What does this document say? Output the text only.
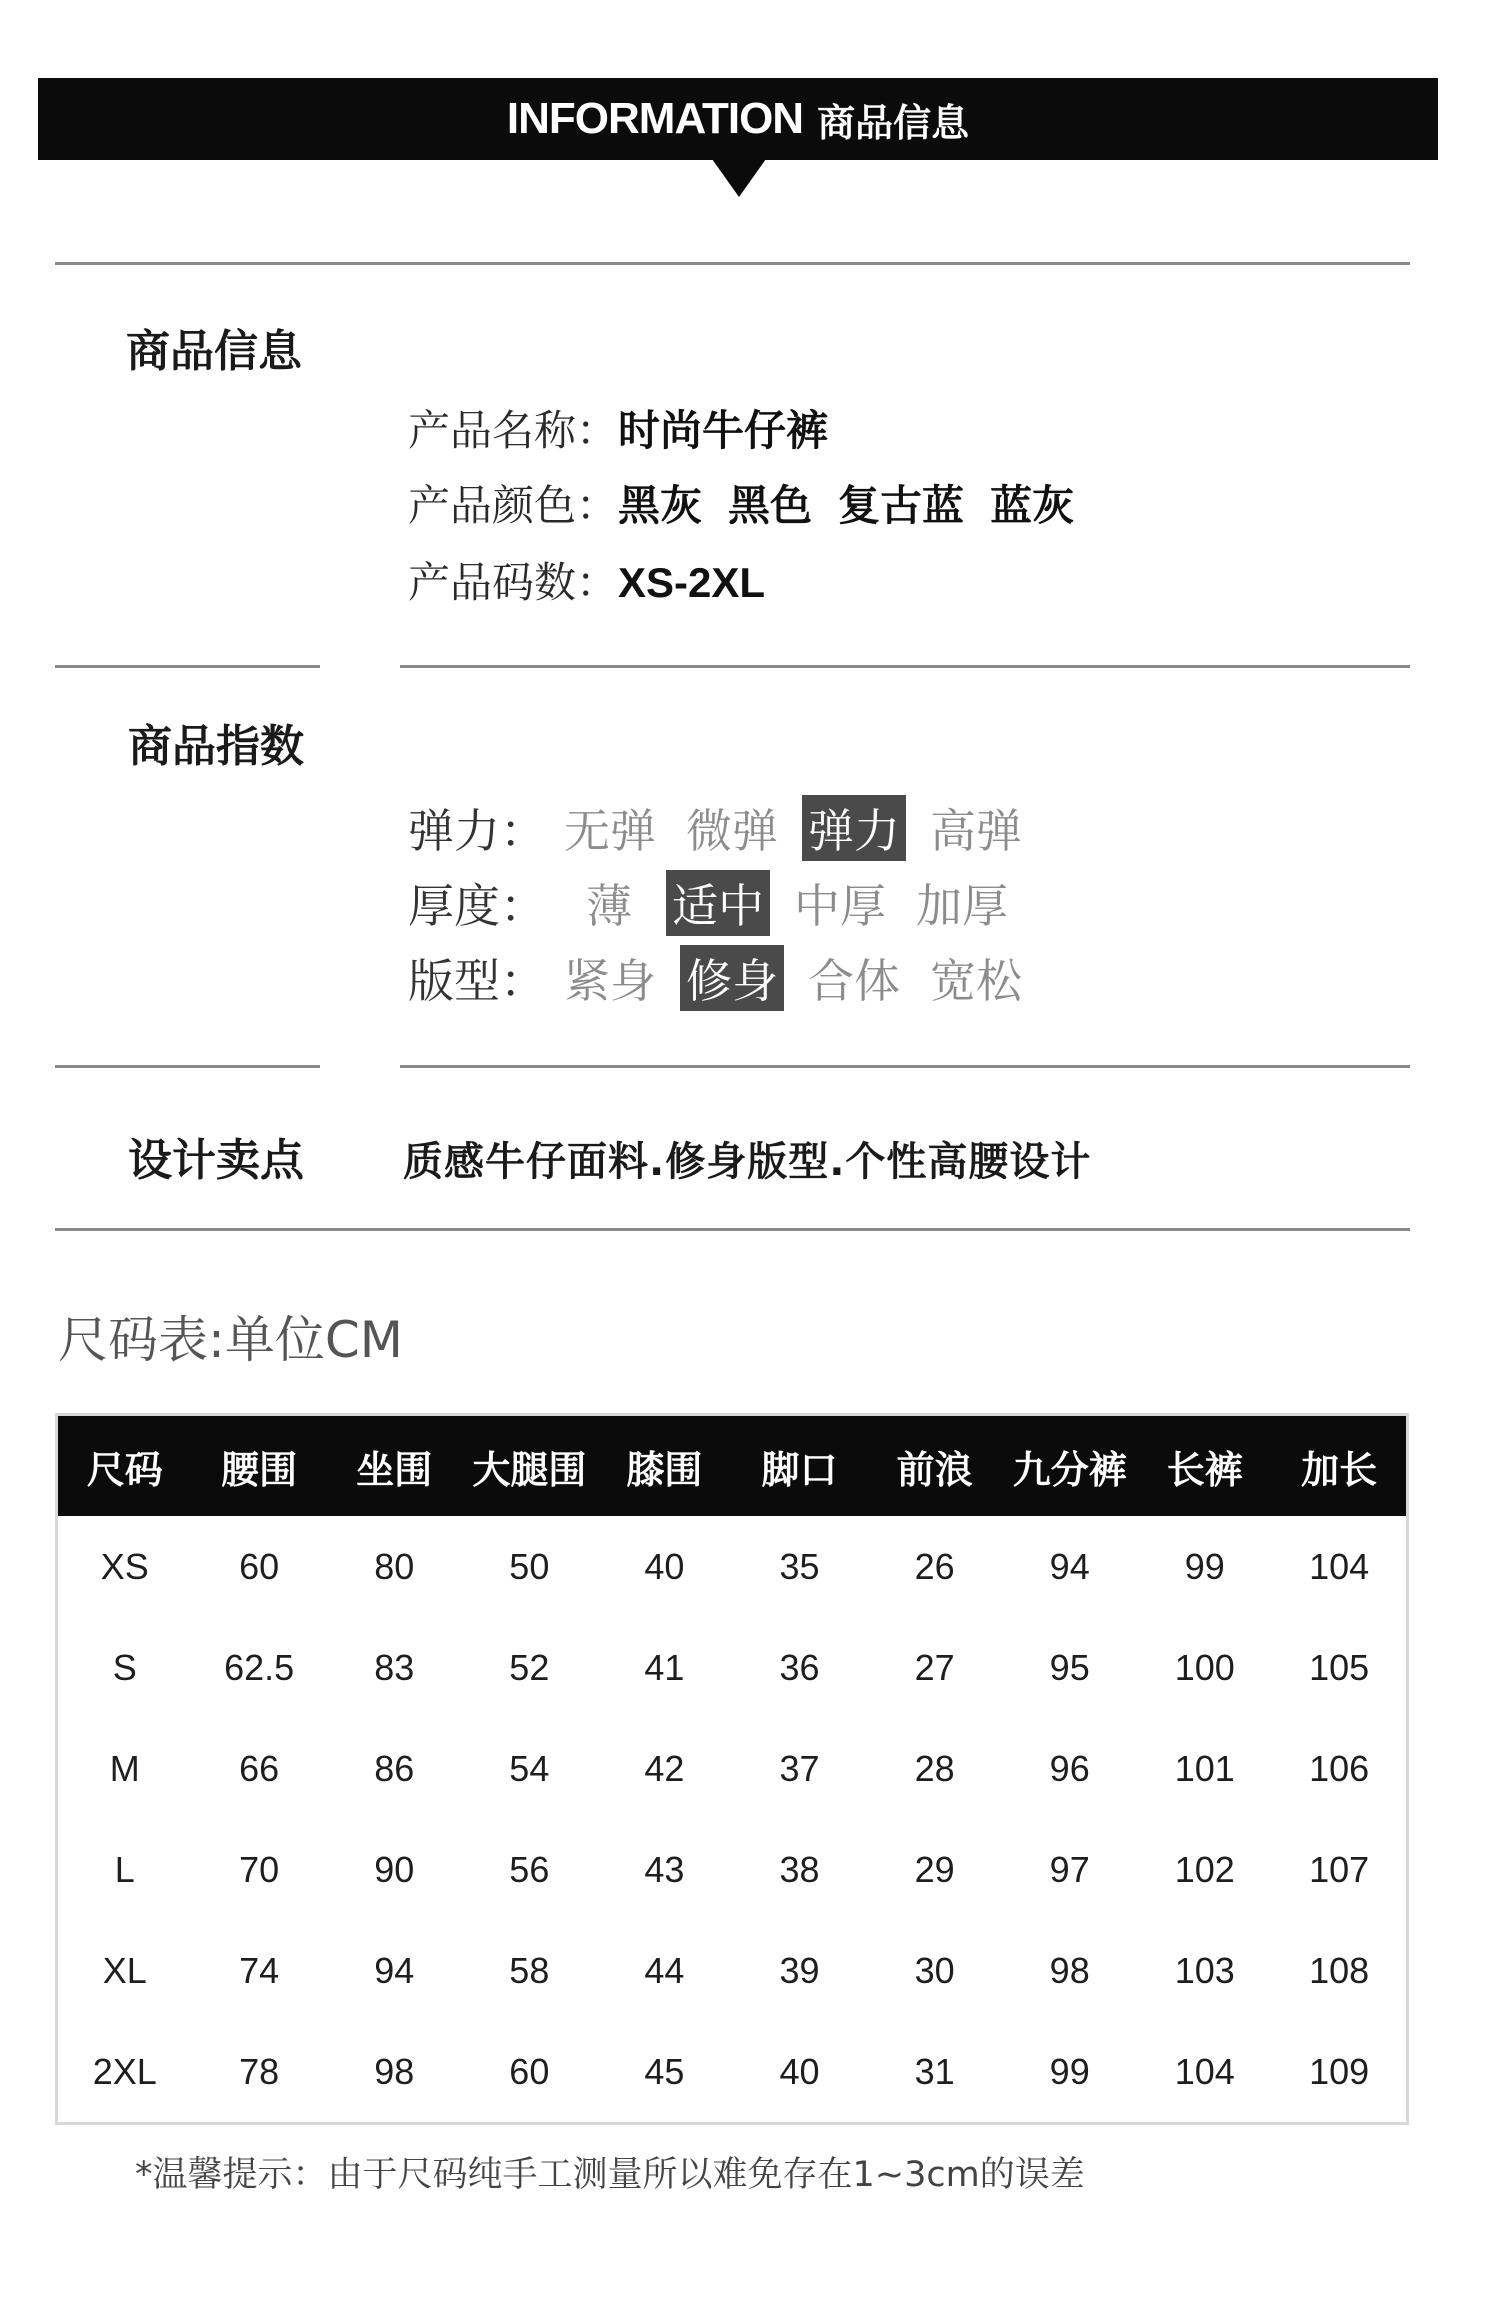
INFORMATION 商品信息
商品信息
产品名称：时尚牛仔裤
产品颜色：黑灰 黑色 复古蓝 蓝灰
产品码数：XS-2XL
商品指数
弹力： 无弹 微弹 弹力 高弹
厚度： 薄 适中 中厚 加厚
版型： 紧身 修身 合体 宽松
设计卖点 质感牛仔面料.修身版型.个性高腰设计
尺码表:单位CM
尺码	腰围	坐围	大腿围	膝围	脚口	前浪	九分裤	长裤	加长
XS	60	80	50	40	35	26	94	99	104
S	62.5	83	52	41	36	27	95	100	105
M	66	86	54	42	37	28	96	101	106
L	70	90	56	43	38	29	97	102	107
XL	74	94	58	44	39	30	98	103	108
2XL	78	98	60	45	40	31	99	104	109
*温馨提示：由于尺码纯手工测量所以难免存在1~3cm的误差
